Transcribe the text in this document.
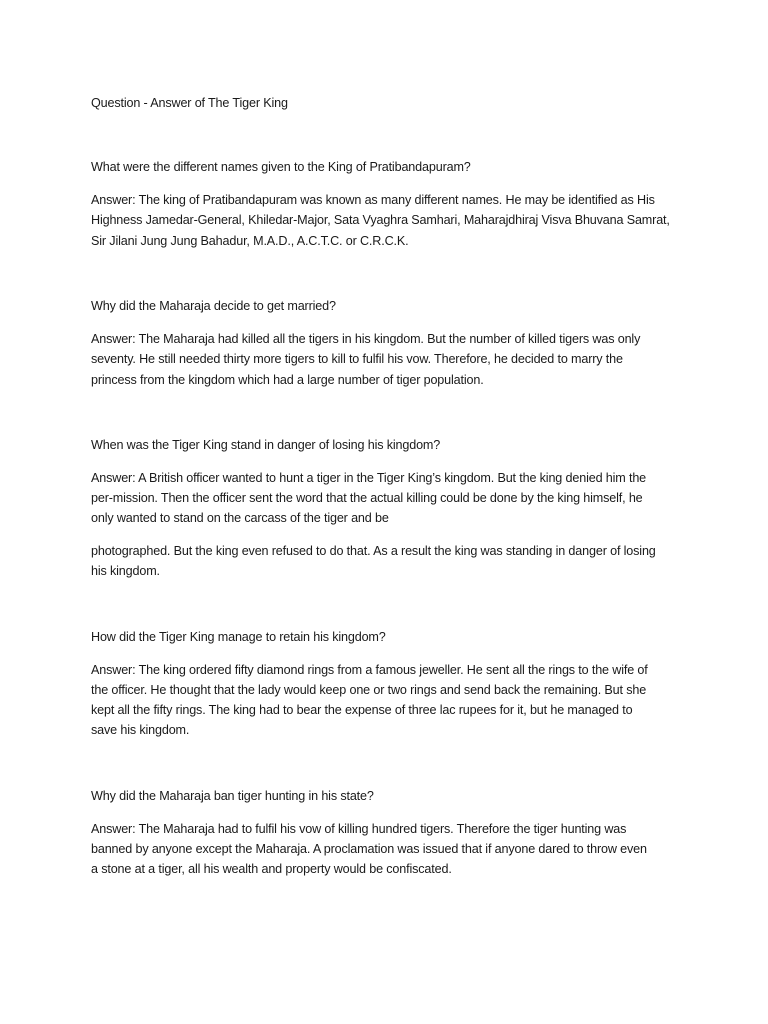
Question - Answer of The Tiger King
What were the different names given to the King of Pratibandapuram?
Answer: The king of Pratibandapuram was known as many different names. He may be identified as His
Highness Jamedar-General, Khiledar-Major, Sata Vyaghra Samhari, Maharajdhiraj Visva Bhuvana Samrat,
Sir Jilani Jung Jung Bahadur, M.A.D., A.C.T.C. or C.R.C.K.
Why did the Maharaja decide to get married?
Answer: The Maharaja had killed all the tigers in his kingdom. But the number of killed tigers was only
seventy. He still needed thirty more tigers to kill to fulfil his vow. Therefore, he decided to marry the
princess from the kingdom which had a large number of tiger population.
When was the Tiger King stand in danger of losing his kingdom?
Answer: A British officer wanted to hunt a tiger in the Tiger King’s kingdom. But the king denied him the
per-mission. Then the officer sent the word that the actual killing could be done by the king himself, he
only wanted to stand on the carcass of the tiger and be
photographed. But the king even refused to do that. As a result the king was standing in danger of losing
his kingdom.
How did the Tiger King manage to retain his kingdom?
Answer: The king ordered fifty diamond rings from a famous jeweller. He sent all the rings to the wife of
the officer. He thought that the lady would keep one or two rings and send back the remaining. But she
kept all the fifty rings. The king had to bear the expense of three lac rupees for it, but he managed to
save his kingdom.
Why did the Maharaja ban tiger hunting in his state?
Answer: The Maharaja had to fulfil his vow of killing hundred tigers. Therefore the tiger hunting was
banned by anyone except the Maharaja. A proclamation was issued that if anyone dared to throw even
a stone at a tiger, all his wealth and property would be confiscated.
